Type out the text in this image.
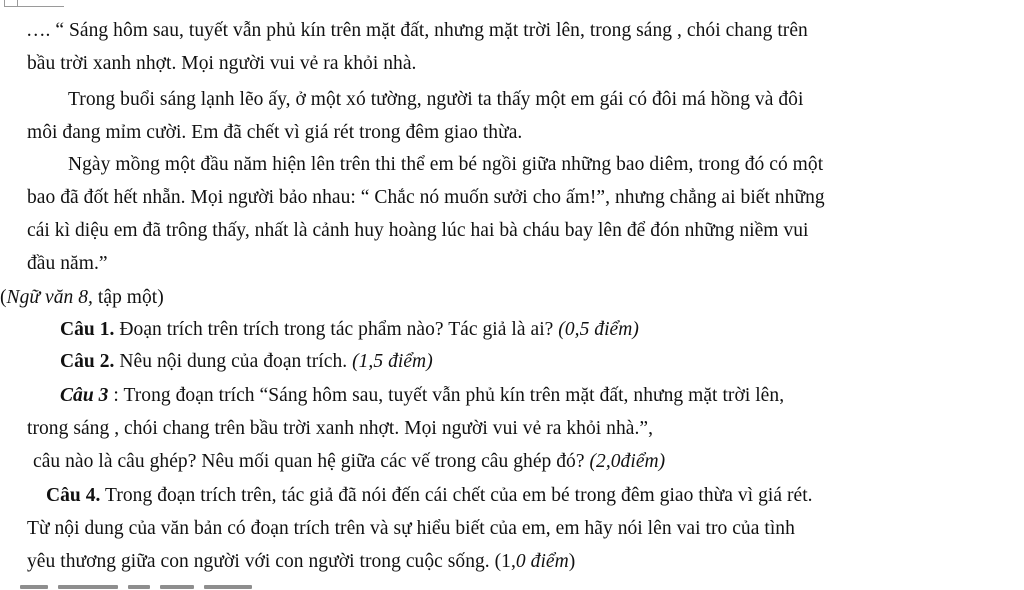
…. “ Sáng hôm sau, tuyết vẫn phủ kín trên mặt đất, nhưng mặt trời lên, trong sáng , chói chang trên
bầu trời xanh nhợt. Mọi người vui vẻ ra khỏi nhà.
Trong buổi sáng lạnh lẽo ấy, ở một xó tường, người ta thấy một em gái có đôi má hồng và đôi
môi đang mỉm cười. Em đã chết vì giá rét trong đêm giao thừa.
Ngày mồng một đầu năm hiện lên trên thi thể em bé ngồi giữa những bao diêm, trong đó có một
bao đã đốt hết nhẵn. Mọi người bảo nhau: “ Chắc nó muốn sưởi cho ấm!”, nhưng chẳng ai biết những
cái kì diệu em đã trông thấy, nhất là cảnh huy hoàng lúc hai bà cháu bay lên để đón những niềm vui
đầu năm.”
(Ngữ văn 8, tập một)
Câu 1. Đoạn trích trên trích trong tác phẩm nào? Tác giả là ai? (0,5 điểm)
Câu 2. Nêu nội dung của đoạn trích. (1,5 điểm)
Câu 3 : Trong đoạn trích “Sáng hôm sau, tuyết vẫn phủ kín trên mặt đất, nhưng mặt trời lên,
trong sáng , chói chang trên bầu trời xanh nhợt. Mọi người vui vẻ ra khỏi nhà.”,
câu nào là câu ghép? Nêu mối quan hệ giữa các vế trong câu ghép đó? (2,0điểm)
Câu 4. Trong đoạn trích trên, tác giả đã nói đến cái chết của em bé trong đêm giao thừa vì giá rét.
Từ nội dung của văn bản có đoạn trích trên và sự hiểu biết của em, em hãy nói lên vai tro của tình
yêu thương giữa con người với con người trong cuộc sống. (1,0 điểm)
